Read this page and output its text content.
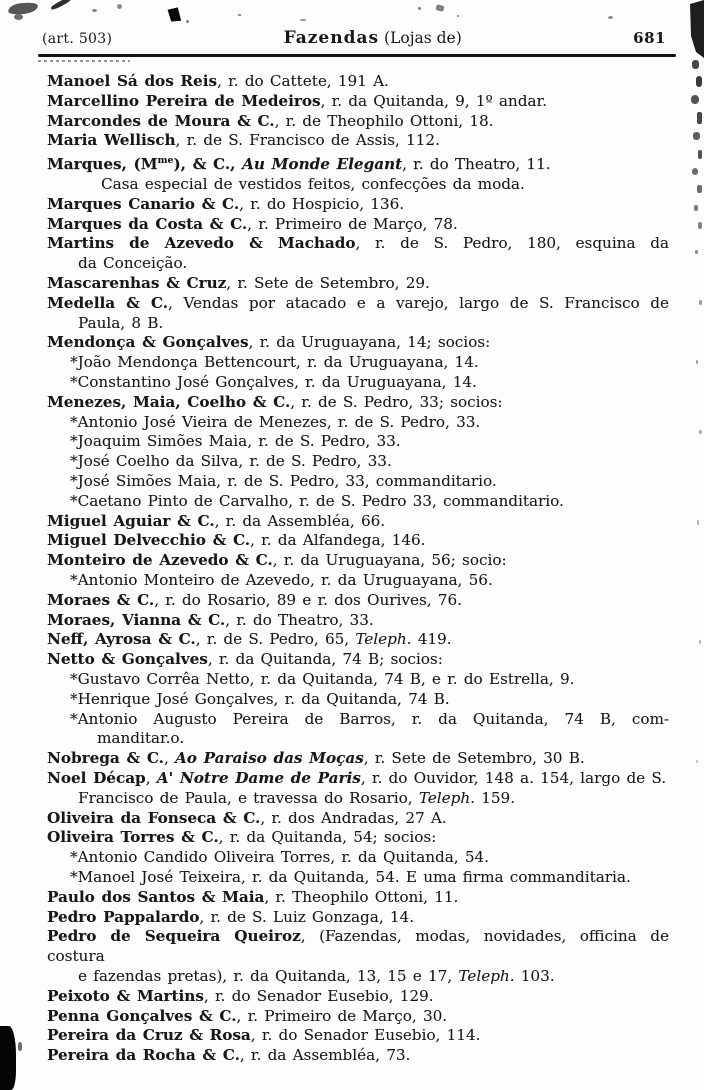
(art. 503)	Fazendas (Lojas de)	681
Manoel Sá dos Reis, r. do Cattete, 191 A.
Marcellino Pereira de Medeiros, r. da Quitanda, 9, 1º andar.
Marcondes de Moura & C., r. de Theophilo Ottoni, 18.
Maria Wellisch, r. de S. Francisco de Assis, 112.
Marques, $(M^{me})$, & C., Au Monde Elegant, r. do Theatro, 11.
Casa especial de vestidos feitos, confecções da moda.
Marques Canario & C., r. do Hospicio, 136.
Marques da Costa & C., r. Primeiro de Março, 78.
Martins de Azevedo & Machado, r. de S. Pedro, 180, esquina da
da Conceição.
Mascarenhas & Cruz, r. Sete de Setembro, 29.
Medella & C., Vendas por atacado e a varejo, largo de S. Francisco de
Paula, 8 B.
Mendonça & Gonçalves, r. da Uruguayana, 14; socios:
*João Mendonça Bettencourt, r. da Uruguayana, 14.
*Constantino José Gonçalves, r. da Uruguayana, 14.
Menezes, Maia, Coelho & C., r. de S. Pedro, 33; socios:
*Antonio José Vieira de Menezes, r. de S. Pedro, 33.
*Joaquim Simões Maia, r. de S. Pedro, 33.
*José Coelho da Silva, r. de S. Pedro, 33.
*José Simões Maia, r. de S. Pedro, 33, commanditario.
*Caetano Pinto de Carvalho, r. de S. Pedro 33, commanditario.
Miguel Aguiar & C., r. da Assembléa, 66.
Miguel Delvecchio & C., r. da Alfandega, 146.
Monteiro de Azevedo & C., r. da Uruguayana, 56; socio:
*Antonio Monteiro de Azevedo, r. da Uruguayana, 56.
Moraes & C., r. do Rosario, 89 e r. dos Ourives, 76.
Moraes, Vianna & C., r. do Theatro, 33.
Neff, Ayrosa & C., r. de S. Pedro, 65, Teleph. 419.
Netto & Gonçalves, r. da Quitanda, 74 B; socios:
*Gustavo Corrêa Netto, r. da Quitanda, 74 B, e r. do Estrella, 9.
*Henrique José Gonçalves, r. da Quitanda, 74 B.
*Antonio Augusto Pereira de Barros, r. da Quitanda, 74 B, com-
manditar.o.
Nobrega & C., Ao Paraiso das Moças, r. Sete de Setembro, 30 B.
Noel Décap, A' Notre Dame de Paris, r. do Ouvidor, 148 a. 154, largo de S.
Francisco de Paula, e travessa do Rosario, Teleph. 159.
Oliveira da Fonseca & C., r. dos Andradas, 27 A.
Oliveira Torres & C., r. da Quitanda, 54; socios:
*Antonio Candido Oliveira Torres, r. da Quitanda, 54.
*Manoel José Teixeira, r. da Quitanda, 54. E uma firma commanditaria.
Paulo dos Santos & Maia, r. Theophilo Ottoni, 11.
Pedro Pappalardo, r. de S. Luiz Gonzaga, 14.
Pedro de Sequeira Queiroz, (Fazendas, modas, novidades, officina de costura
e fazendas pretas), r. da Quitanda, 13, 15 e 17, Teleph. 103.
Peixoto & Martins, r. do Senador Eusebio, 129.
Penna Gonçalves & C., r. Primeiro de Março, 30.
Pereira da Cruz & Rosa, r. do Senador Eusebio, 114.
Pereira da Rocha & C., r. da Assembléa, 73.
